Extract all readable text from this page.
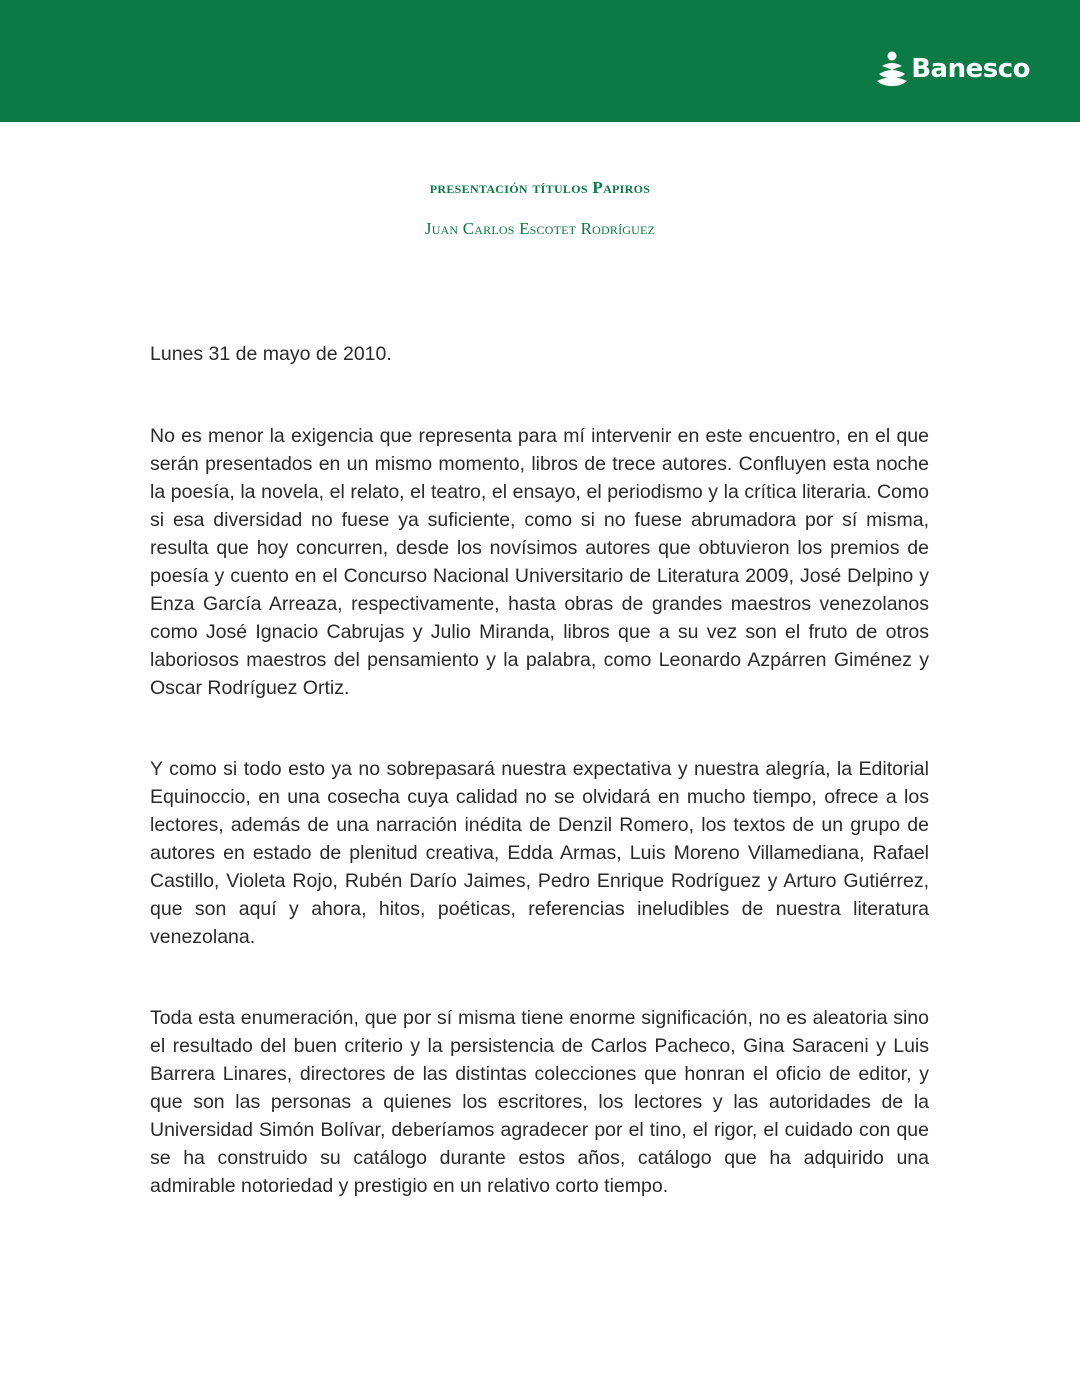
Banesco
presentación títulos Papiros
Juan Carlos Escotet Rodríguez

Lunes 31 de mayo de 2010.

No es menor la exigencia que representa para mí intervenir en este encuentro, en el que serán presentados en un mismo momento, libros de trece autores. Confluyen esta noche la poesía, la novela, el relato, el teatro, el ensayo, el periodismo y la crítica literaria. Como si esa diversidad no fuese ya suficiente, como si no fuese abrumadora por sí misma, resulta que hoy concurren, desde los novísimos autores que obtuvieron los premios de poesía y cuento en el Concurso Nacional Universitario de Literatura 2009, José Delpino y Enza García Arreaza, respectivamente, hasta obras de grandes maestros venezolanos como José Ignacio Cabrujas y Julio Miranda, libros que a su vez son el fruto de otros laboriosos maestros del pensamiento y la palabra, como Leonardo Azpárren Giménez y Oscar Rodríguez Ortiz.

Y como si todo esto ya no sobrepasará nuestra expectativa y nuestra alegría, la Editorial Equinoccio, en una cosecha cuya calidad no se olvidará en mucho tiempo, ofrece a los lectores, además de una narración inédita de Denzil Romero, los textos de un grupo de autores en estado de plenitud creativa, Edda Armas, Luis Moreno Villamediana, Rafael Castillo, Violeta Rojo, Rubén Darío Jaimes, Pedro Enrique Rodríguez y Arturo Gutiérrez, que son aquí y ahora, hitos, poéticas, referencias ineludibles de nuestra literatura venezolana.

Toda esta enumeración, que por sí misma tiene enorme significación, no es aleatoria sino el resultado del buen criterio y la persistencia de Carlos Pacheco, Gina Saraceni y Luis Barrera Linares, directores de las distintas colecciones que honran el oficio de editor, y que son las personas a quienes los escritores, los lectores y las autoridades de la Universidad Simón Bolívar, deberíamos agradecer por el tino, el rigor, el cuidado con que se ha construido su catálogo durante estos años, catálogo que ha adquirido una admirable notoriedad y prestigio en un relativo corto tiempo.
